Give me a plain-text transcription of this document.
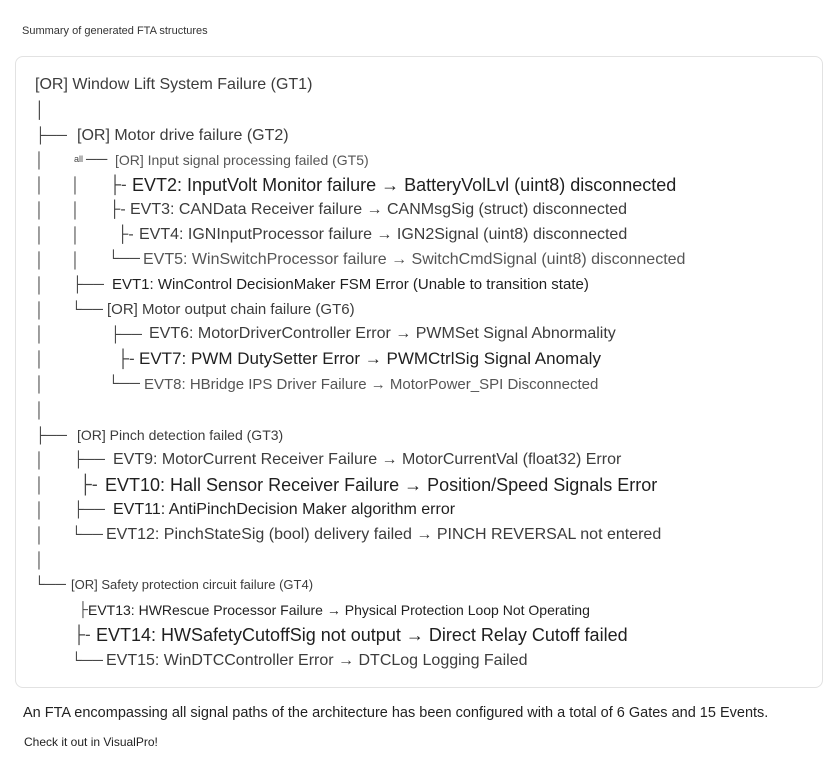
Summary of generated FTA structures
[OR] Window Lift System Failure (GT1)
│
├── [OR] Motor drive failure (GT2)
│	all ── [OR] Input signal processing failed (GT5)
│ │ ├- EVT2: InputVolt Monitor failure → BatteryVolLvl (uint8) disconnected
│ │ ├- EVT3: CANData Receiver failure → CANMsgSig (struct) disconnected
│ │ ├- EVT4: IGNInputProcessor failure → IGN2Signal (uint8) disconnected
│ │ └── EVT5: WinSwitchProcessor failure → SwitchCmdSignal (uint8) disconnected
│ ├── EVT1: WinControl DecisionMaker FSM Error (Unable to transition state)
│ └── [OR] Motor output chain failure (GT6)
│	├── EVT6: MotorDriverController Error → PWMSet Signal Abnormality
│	├- EVT7: PWM DutySetter Error → PWMCtrlSig Signal Anomaly
│	└── EVT8: HBridge IPS Driver Failure → MotorPower_SPI Disconnected
│
├── [OR] Pinch detection failed (GT3)
│ ├── EVT9: MotorCurrent Receiver Failure → MotorCurrentVal (float32) Error
│ ├- EVT10: Hall Sensor Receiver Failure → Position/Speed Signals Error
│ ├── EVT11: AntiPinchDecision Maker algorithm error
│ └── EVT12: PinchStateSig (bool) delivery failed → PINCH REVERSAL not entered
│
└── [OR] Safety protection circuit failure (GT4)
├ EVT13: HWRescue Processor Failure → Physical Protection Loop Not Operating
├- EVT14: HWSafetyCutoffSig not output → Direct Relay Cutoff failed
└── EVT15: WinDTCController Error → DTCLog Logging Failed
An FTA encompassing all signal paths of the architecture has been configured with a total of 6 Gates and 15 Events.
Check it out in VisualPro!
